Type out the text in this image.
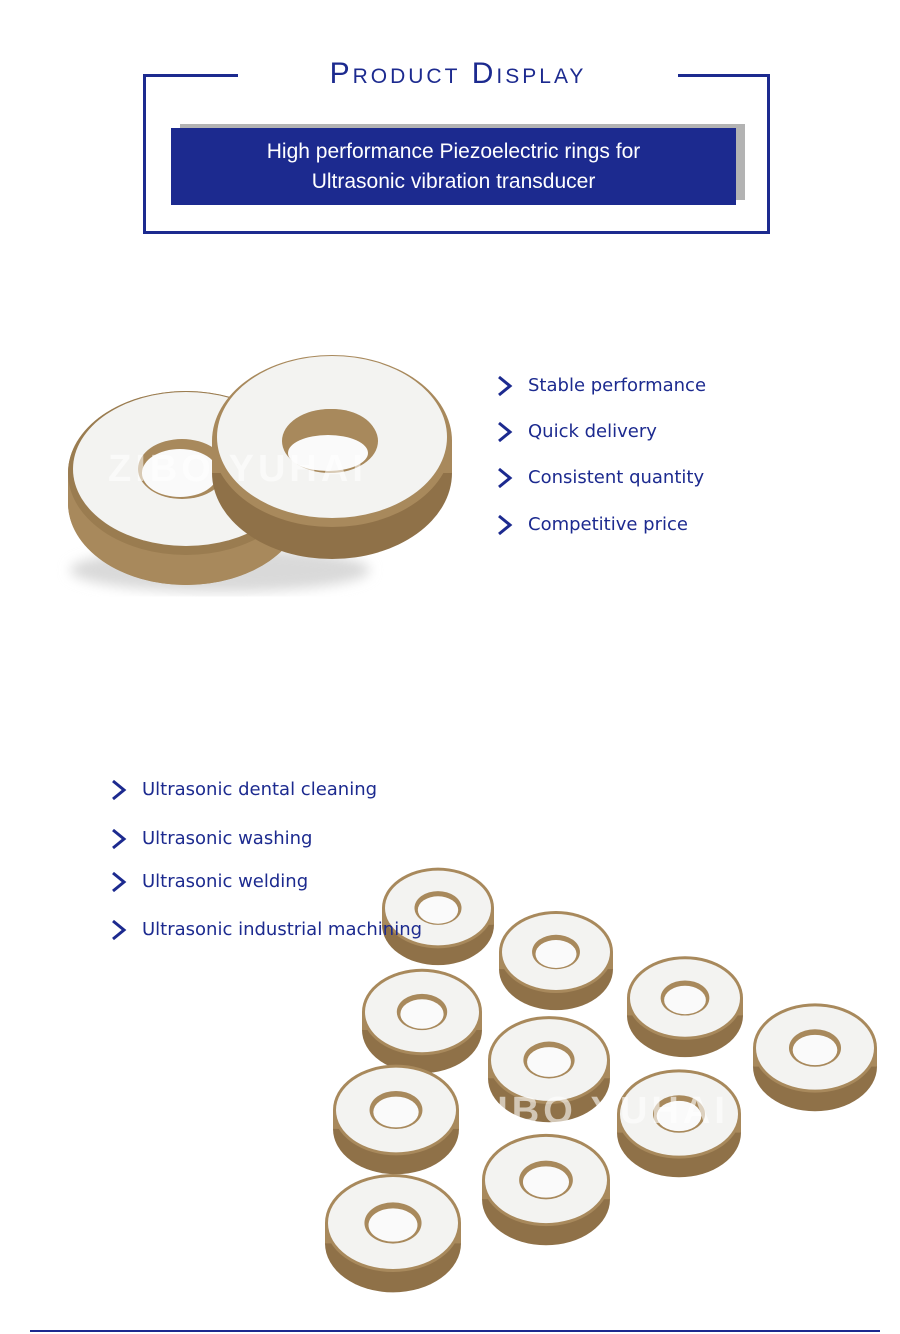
Product Display
High performance Piezoelectric rings for
Ultrasonic vibration transducer
ZIBO YUHAI
Stable performance
Quick delivery
Consistent quantity
Competitive price
ZIBO YUHAI
Ultrasonic dental cleaning
Ultrasonic washing
Ultrasonic welding
Ultrasonic industrial machining
